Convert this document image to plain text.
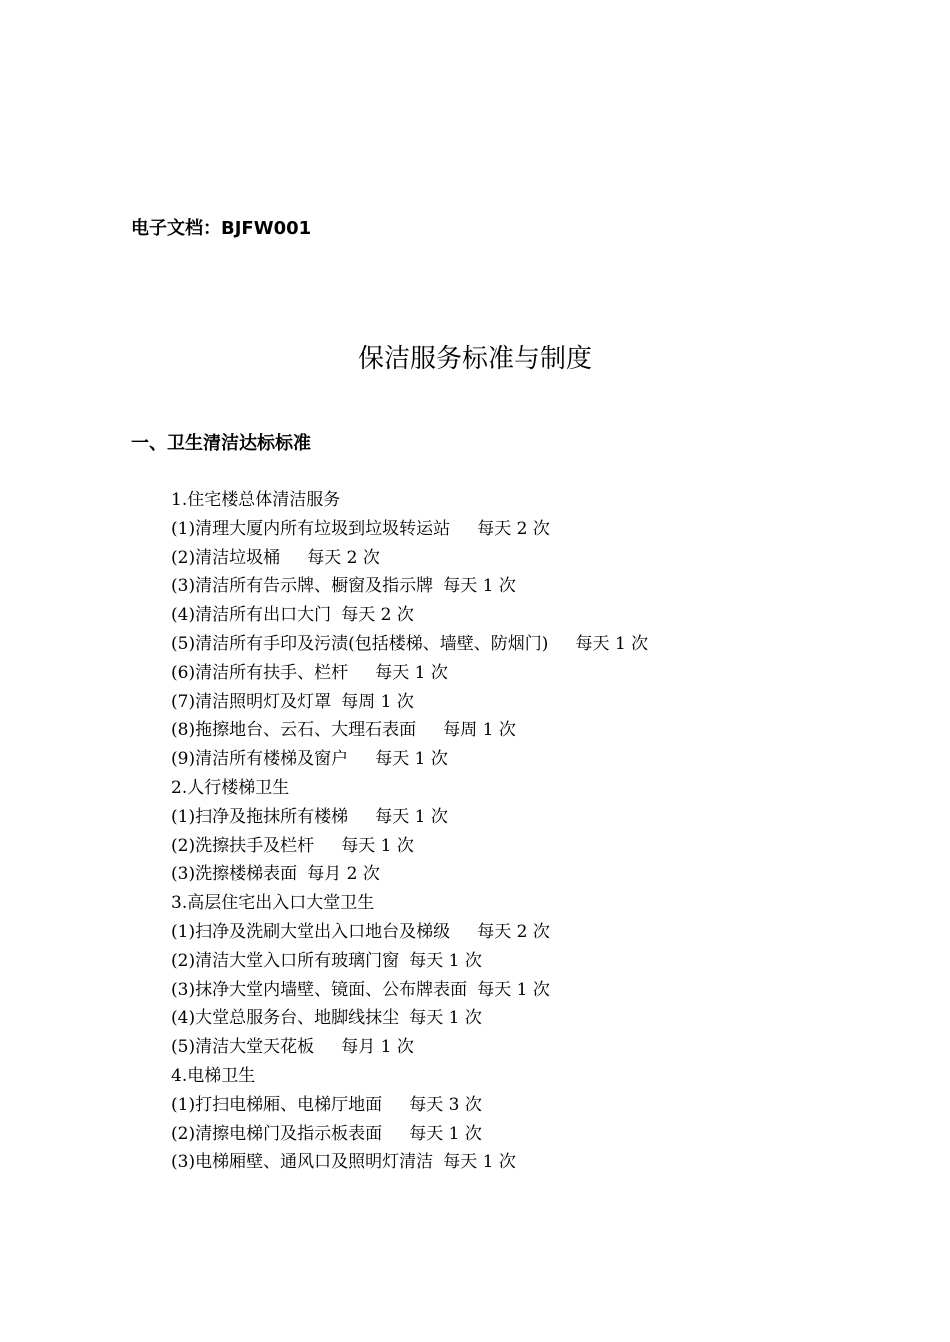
电子文档：BJFW001
保洁服务标准与制度
一、卫生清洁达标标准
1.住宅楼总体清洁服务
(1)清理大厦内所有垃圾到垃圾转运站 每天 2 次
(2)清洁垃圾桶 每天 2 次
(3)清洁所有告示牌、橱窗及指示牌 每天 1 次
(4)清洁所有出口大门 每天 2 次
(5)清洁所有手印及污渍(包括楼梯、墙壁、防烟门) 每天 1 次
(6)清洁所有扶手、栏杆 每天 1 次
(7)清洁照明灯及灯罩 每周 1 次
(8)拖擦地台、云石、大理石表面 每周 1 次
(9)清洁所有楼梯及窗户 每天 1 次
2.人行楼梯卫生
(1)扫净及拖抹所有楼梯 每天 1 次
(2)洗擦扶手及栏杆 每天 1 次
(3)洗擦楼梯表面 每月 2 次
3.高层住宅出入口大堂卫生
(1)扫净及洗刷大堂出入口地台及梯级 每天 2 次
(2)清洁大堂入口所有玻璃门窗 每天 1 次
(3)抹净大堂内墙壁、镜面、公布牌表面 每天 1 次
(4)大堂总服务台、地脚线抹尘 每天 1 次
(5)清洁大堂天花板 每月 1 次
4.电梯卫生
(1)打扫电梯厢、电梯厅地面 每天 3 次
(2)清擦电梯门及指示板表面 每天 1 次
(3)电梯厢壁、通风口及照明灯清洁 每天 1 次
